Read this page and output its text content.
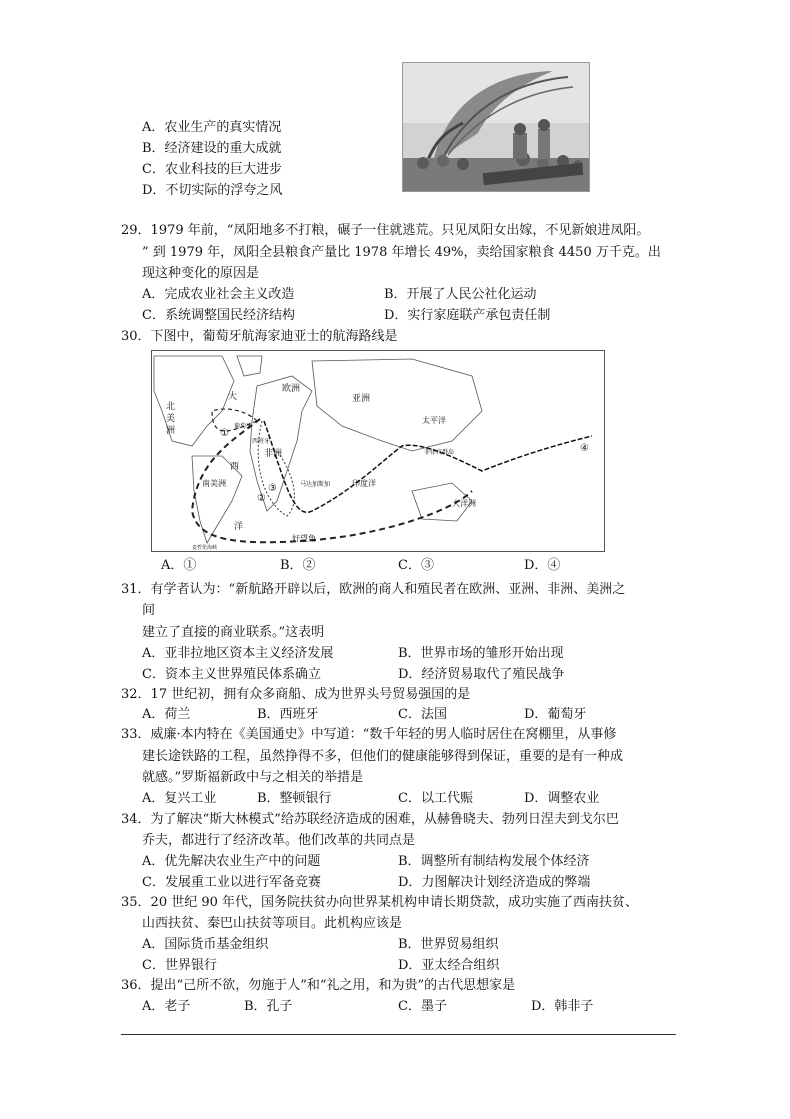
A．农业生产的真实情况
B．经济建设的重大成就
C．农业科技的巨大进步
D．不切实际的浮夸之风
29．1979 年前，“凤阳地多不打粮，碾子一住就逃荒。只见凤阳女出嫁，不见新娘进凤阳。
” 到 1979 年，凤阳全县粮食产量比 1978 年增长 49%，卖给国家粮食 4450 万千克。出
现这种变化的原因是
A．完成农业社会主义改造	B．开展了人民公社化运动
C．系统调整国民经济结构	D．实行家庭联产承包责任制
30．下图中，葡萄牙航海家迪亚士的航海路线是
北
美
洲
大
西
洋
欧洲
亚洲
非洲
葡萄牙
西班牙
南美洲
太平洋
印度洋
大洋洲
好望角
菲律宾群岛
麦哲伦海峡
马达加斯加
①
②
③
④
A．①	B．②	C．③	D．④
31．有学者认为：“新航路开辟以后，欧洲的商人和殖民者在欧洲、亚洲、非洲、美洲之
间
建立了直接的商业联系。”这表明
A．亚非拉地区资本主义经济发展	B．世界市场的雏形开始出现
C．资本主义世界殖民体系确立	D．经济贸易取代了殖民战争
32．17 世纪初，拥有众多商船、成为世界头号贸易强国的是
A．荷兰	B．西班牙	C．法国	D．葡萄牙
33．威廉·本内特在《美国通史》中写道：“数千年轻的男人临时居住在窝棚里，从事修
建长途铁路的工程，虽然挣得不多，但他们的健康能够得到保证，重要的是有一种成
就感。”罗斯福新政中与之相关的举措是
A．复兴工业	B．整顿银行	C．以工代赈	D．调整农业
34．为了解决“斯大林模式”给苏联经济造成的困难，从赫鲁晓夫、勃列日涅夫到戈尔巴
乔夫，都进行了经济改革。他们改革的共同点是
A．优先解决农业生产中的问题	B．调整所有制结构发展个体经济
C．发展重工业以进行军备竞赛	D．力图解决计划经济造成的弊端
35．20 世纪 90 年代，国务院扶贫办向世界某机构申请长期贷款，成功实施了西南扶贫、
山西扶贫、秦巴山扶贫等项目。此机构应该是
A．国际货币基金组织	B．世界贸易组织
C．世界银行	D．亚太经合组织
36．提出“己所不欲，勿施于人”和“礼之用，和为贵”的古代思想家是
A．老子	B．孔子	C．墨子	D．韩非子
